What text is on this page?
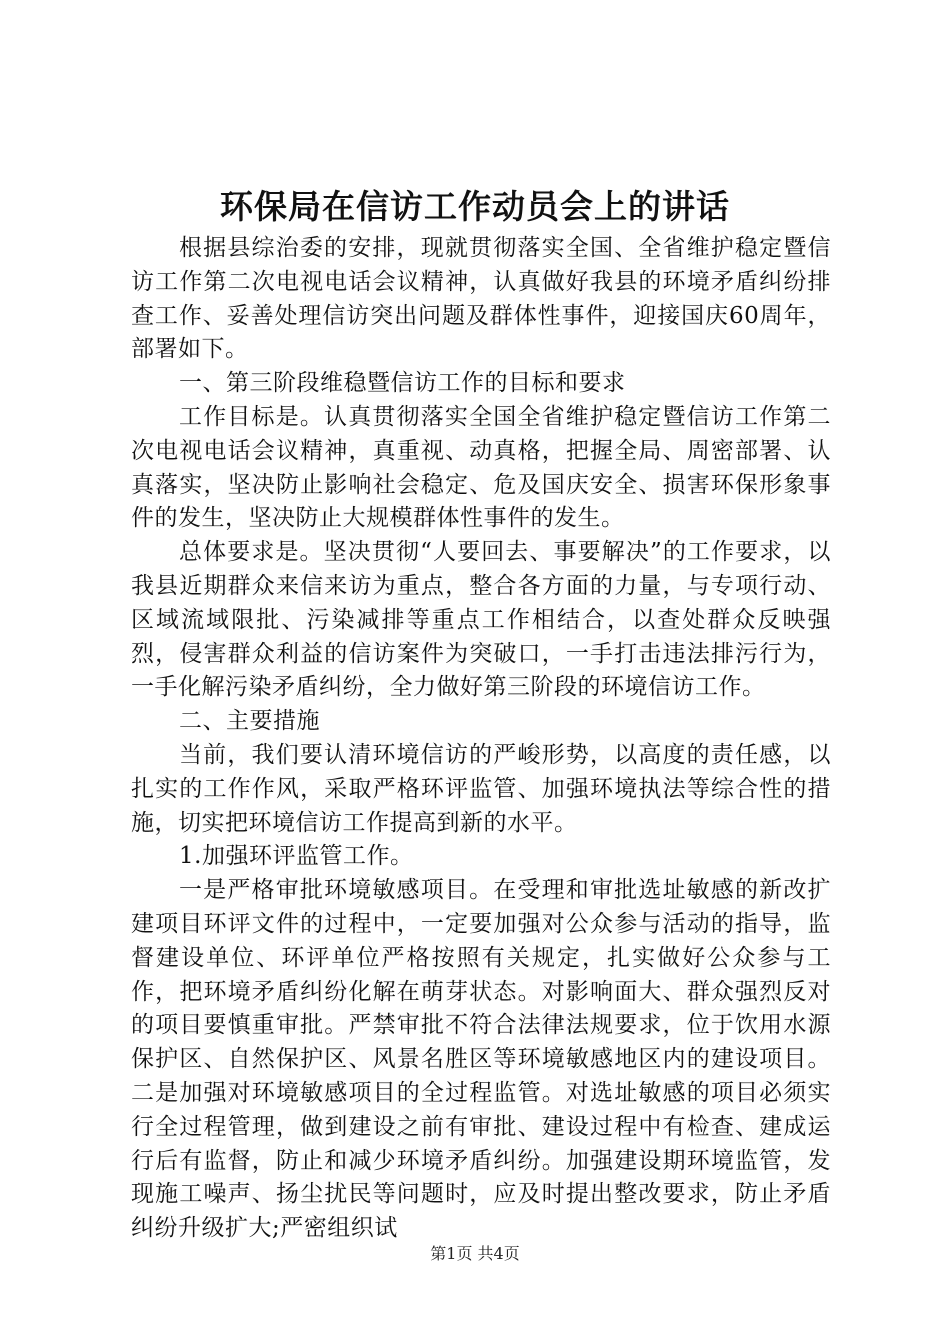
环保局在信访工作动员会上的讲话

根据县综治委的安排，现就贯彻落实全国、全省维护稳定暨信访工作第二次电视电话会议精神，认真做好我县的环境矛盾纠纷排查工作、妥善处理信访突出问题及群体性事件，迎接国庆60周年，部署如下。

一、第三阶段维稳暨信访工作的目标和要求

工作目标是。认真贯彻落实全国全省维护稳定暨信访工作第二次电视电话会议精神，真重视、动真格，把握全局、周密部署、认真落实，坚决防止影响社会稳定、危及国庆安全、损害环保形象事件的发生，坚决防止大规模群体性事件的发生。

总体要求是。坚决贯彻“人要回去、事要解决”的工作要求，以我县近期群众来信来访为重点，整合各方面的力量，与专项行动、区域流域限批、污染减排等重点工作相结合，以查处群众反映强烈，侵害群众利益的信访案件为突破口，一手打击违法排污行为，一手化解污染矛盾纠纷，全力做好第三阶段的环境信访工作。

二、主要措施

当前，我们要认清环境信访的严峻形势，以高度的责任感，以扎实的工作作风，采取严格环评监管、加强环境执法等综合性的措施，切实把环境信访工作提高到新的水平。

1.加强环评监管工作。

一是严格审批环境敏感项目。在受理和审批选址敏感的新改扩建项目环评文件的过程中，一定要加强对公众参与活动的指导，监督建设单位、环评单位严格按照有关规定，扎实做好公众参与工作，把环境矛盾纠纷化解在萌芽状态。对影响面大、群众强烈反对的项目要慎重审批。严禁审批不符合法律法规要求，位于饮用水源保护区、自然保护区、风景名胜区等环境敏感地区内的建设项目。二是加强对环境敏感项目的全过程监管。对选址敏感的项目必须实行全过程管理，做到建设之前有审批、建设过程中有检查、建成运行后有监督，防止和减少环境矛盾纠纷。加强建设期环境监管，发现施工噪声、扬尘扰民等问题时，应及时提出整改要求，防止矛盾纠纷升级扩大;严密组织试

第1页 共4页
